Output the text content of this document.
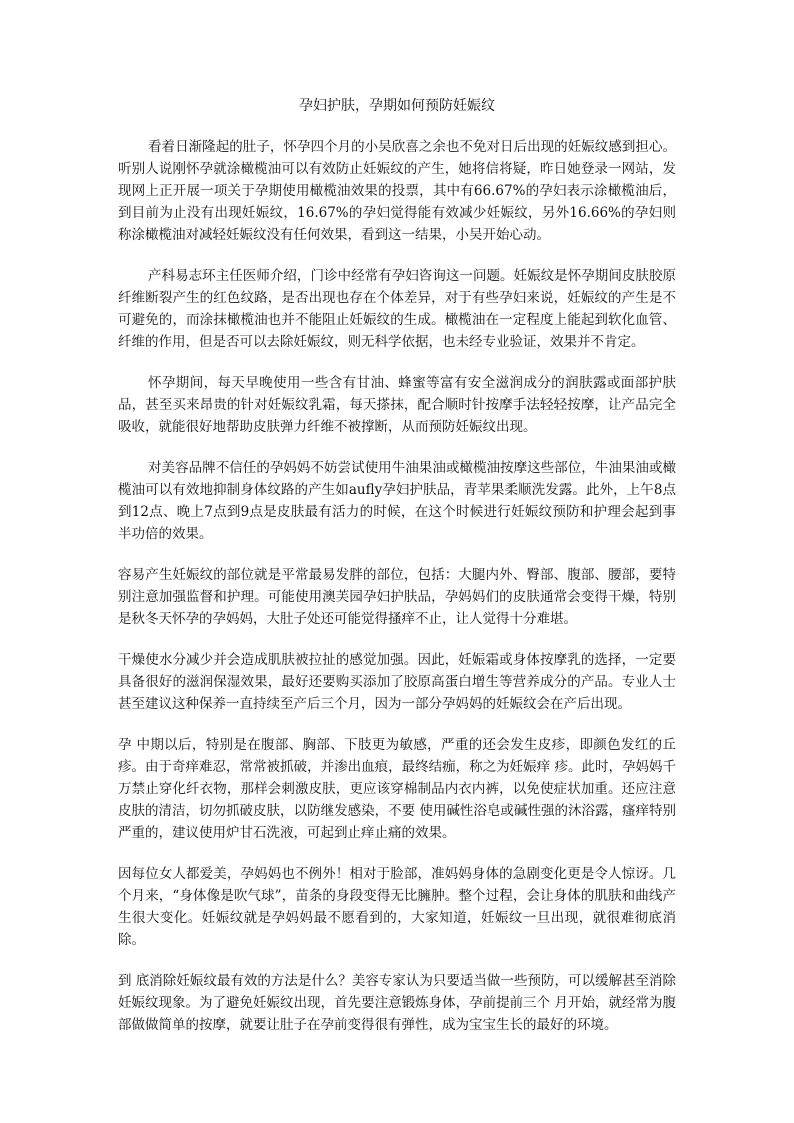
孕妇护肤，孕期如何预防妊娠纹

看着日渐隆起的肚子，怀孕四个月的小吴欣喜之余也不免对日后出现的妊娠纹感到担心。听别人说刚怀孕就涂橄榄油可以有效防止妊娠纹的产生，她将信将疑，昨日她登录一网站，发现网上正开展一项关于孕期使用橄榄油效果的投票，其中有66.67%的孕妇表示涂橄榄油后，到目前为止没有出现妊娠纹，16.67%的孕妇觉得能有效减少妊娠纹，另外16.66%的孕妇则称涂橄榄油对减轻妊娠纹没有任何效果，看到这一结果，小吴开始心动。

产科易志环主任医师介绍，门诊中经常有孕妇咨询这一问题。妊娠纹是怀孕期间皮肤胶原纤维断裂产生的红色纹路，是否出现也存在个体差异，对于有些孕妇来说，妊娠纹的产生是不可避免的，而涂抹橄榄油也并不能阻止妊娠纹的生成。橄榄油在一定程度上能起到软化血管、纤维的作用，但是否可以去除妊娠纹，则无科学依据，也未经专业验证，效果并不肯定。

怀孕期间，每天早晚使用一些含有甘油、蜂蜜等富有安全滋润成分的润肤露或面部护肤品，甚至买来昂贵的针对妊娠纹乳霜，每天搽抹，配合顺时针按摩手法轻轻按摩，让产品完全吸收，就能很好地帮助皮肤弹力纤维不被撑断，从而预防妊娠纹出现。

对美容品牌不信任的孕妈妈不妨尝试使用牛油果油或橄榄油按摩这些部位，牛油果油或橄榄油可以有效地抑制身体纹路的产生如aufly孕妇护肤品，青苹果柔顺洗发露。此外，上午8点到12点、晚上7点到9点是皮肤最有活力的时候，在这个时候进行妊娠纹预防和护理会起到事半功倍的效果。

容易产生妊娠纹的部位就是平常最易发胖的部位，包括：大腿内外、臀部、腹部、腰部，要特别注意加强监督和护理。可能使用澳芙园孕妇护肤品，孕妈妈们的皮肤通常会变得干燥，特别是秋冬天怀孕的孕妈妈，大肚子处还可能觉得搔痒不止，让人觉得十分难堪。

干燥使水分减少并会造成肌肤被拉扯的感觉加强。因此，妊娠霜或身体按摩乳的选择，一定要具备很好的滋润保湿效果，最好还要购买添加了胶原高蛋白增生等营养成分的产品。专业人士甚至建议这种保养一直持续至产后三个月，因为一部分孕妈妈的妊娠纹会在产后出现。

孕 中期以后，特别是在腹部、胸部、下肢更为敏感，严重的还会发生皮疹，即颜色发红的丘疹。由于奇痒难忍，常常被抓破，并渗出血痕，最终结痂，称之为妊娠痒 疹。此时，孕妈妈千万禁止穿化纤衣物，那样会刺激皮肤，更应该穿棉制品内衣内裤，以免使症状加重。还应注意皮肤的清洁，切勿抓破皮肤，以防继发感染，不要 使用碱性浴皂或碱性强的沐浴露，瘙痒特别严重的，建议使用炉甘石洗液，可起到止痒止痛的效果。

因每位女人都爱美，孕妈妈也不例外！相对于脸部，准妈妈身体的急剧变化更是令人惊讶。几个月来，“身体像是吹气球”，苗条的身段变得无比臃肿。整个过程，会让身体的肌肤和曲线产生很大变化。妊娠纹就是孕妈妈最不愿看到的，大家知道，妊娠纹一旦出现，就很难彻底消除。

到 底消除妊娠纹最有效的方法是什么？美容专家认为只要适当做一些预防，可以缓解甚至消除妊娠纹现象。为了避免妊娠纹出现，首先要注意锻炼身体，孕前提前三个 月开始，就经常为腹部做做简单的按摩，就要让肚子在孕前变得很有弹性，成为宝宝生长的最好的环境。
